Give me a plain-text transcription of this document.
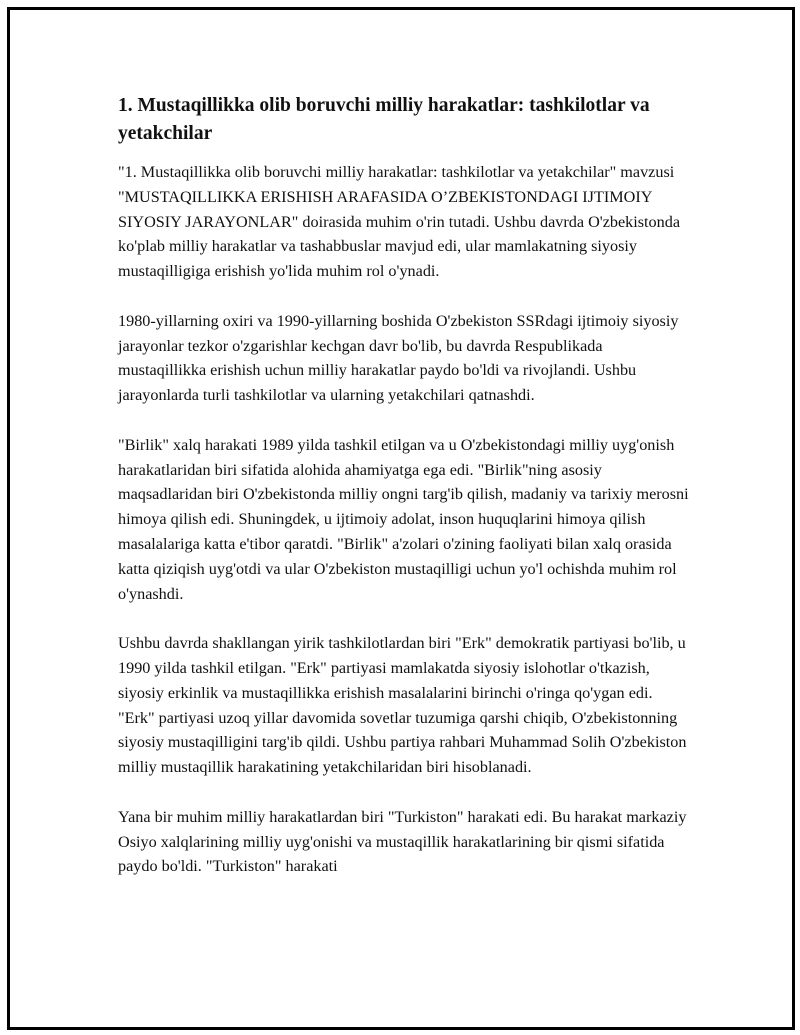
1. Mustaqillikka olib boruvchi milliy harakatlar: tashkilotlar va yetakchilar

"1. Mustaqillikka olib boruvchi milliy harakatlar: tashkilotlar va yetakchilar" mavzusi "MUSTAQILLIKKA ERISHISH ARAFASIDA O’ZBEKISTONDAGI IJTIMOIY SIYOSIY JARAYONLAR" doirasida muhim o'rin tutadi. Ushbu davrda O'zbekistonda ko'plab milliy harakatlar va tashabbuslar mavjud edi, ular mamlakatning siyosiy mustaqilligiga erishish yo'lida muhim rol o'ynadi.

1980-yillarning oxiri va 1990-yillarning boshida O'zbekiston SSRdagi ijtimoiy siyosiy jarayonlar tezkor o'zgarishlar kechgan davr bo'lib, bu davrda Respublikada mustaqillikka erishish uchun milliy harakatlar paydo bo'ldi va rivojlandi. Ushbu jarayonlarda turli tashkilotlar va ularning yetakchilari qatnashdi.

"Birlik" xalq harakati 1989 yilda tashkil etilgan va u O'zbekistondagi milliy uyg'onish harakatlaridan biri sifatida alohida ahamiyatga ega edi. "Birlik"ning asosiy maqsadlaridan biri O'zbekistonda milliy ongni targ'ib qilish, madaniy va tarixiy merosni himoya qilish edi. Shuningdek, u ijtimoiy adolat, inson huquqlarini himoya qilish masalalariga katta e'tibor qaratdi. "Birlik" a'zolari o'zining faoliyati bilan xalq orasida katta qiziqish uyg'otdi va ular O'zbekiston mustaqilligi uchun yo'l ochishda muhim rol o'ynashdi.

Ushbu davrda shakllangan yirik tashkilotlardan biri "Erk" demokratik partiyasi bo'lib, u 1990 yilda tashkil etilgan. "Erk" partiyasi mamlakatda siyosiy islohotlar o'tkazish, siyosiy erkinlik va mustaqillikka erishish masalalarini birinchi o'ringa qo'ygan edi. "Erk" partiyasi uzoq yillar davomida sovetlar tuzumiga qarshi chiqib, O'zbekistonning siyosiy mustaqilligini targ'ib qildi. Ushbu partiya rahbari Muhammad Solih O'zbekiston milliy mustaqillik harakatining yetakchilaridan biri hisoblanadi.

Yana bir muhim milliy harakatlardan biri "Turkiston" harakati edi. Bu harakat markaziy Osiyo xalqlarining milliy uyg'onishi va mustaqillik harakatlarining bir qismi sifatida paydo bo'ldi. "Turkiston" harakati
